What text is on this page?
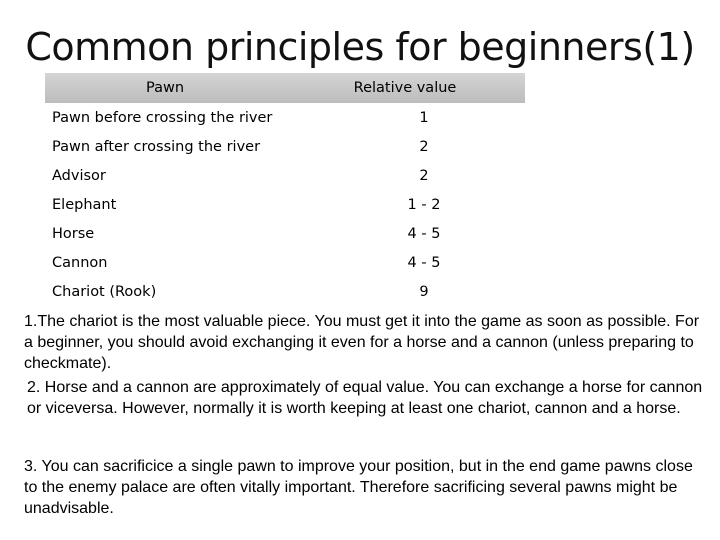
Common principles for beginners(1)
Pawn	Relative value
Pawn before crossing the river	1
Pawn after crossing the river	2
Advisor	2
Elephant	1 - 2
Horse	4 - 5
Cannon	4 - 5
Chariot (Rook)	9

1.The chariot is the most valuable piece. You must get it into the game as soon as possible. For a beginner, you should avoid exchanging it even for a horse and a cannon (unless preparing to checkmate).

2. Horse and a cannon are approximately of equal value. You can exchange a horse for cannon or viceversa. However, normally it is worth keeping at least one chariot, cannon and a horse.

3. You can sacrificice a single pawn to improve your position, but in the end game pawns close to the enemy palace are often vitally important. Therefore sacrificing several pawns might be unadvisable.
